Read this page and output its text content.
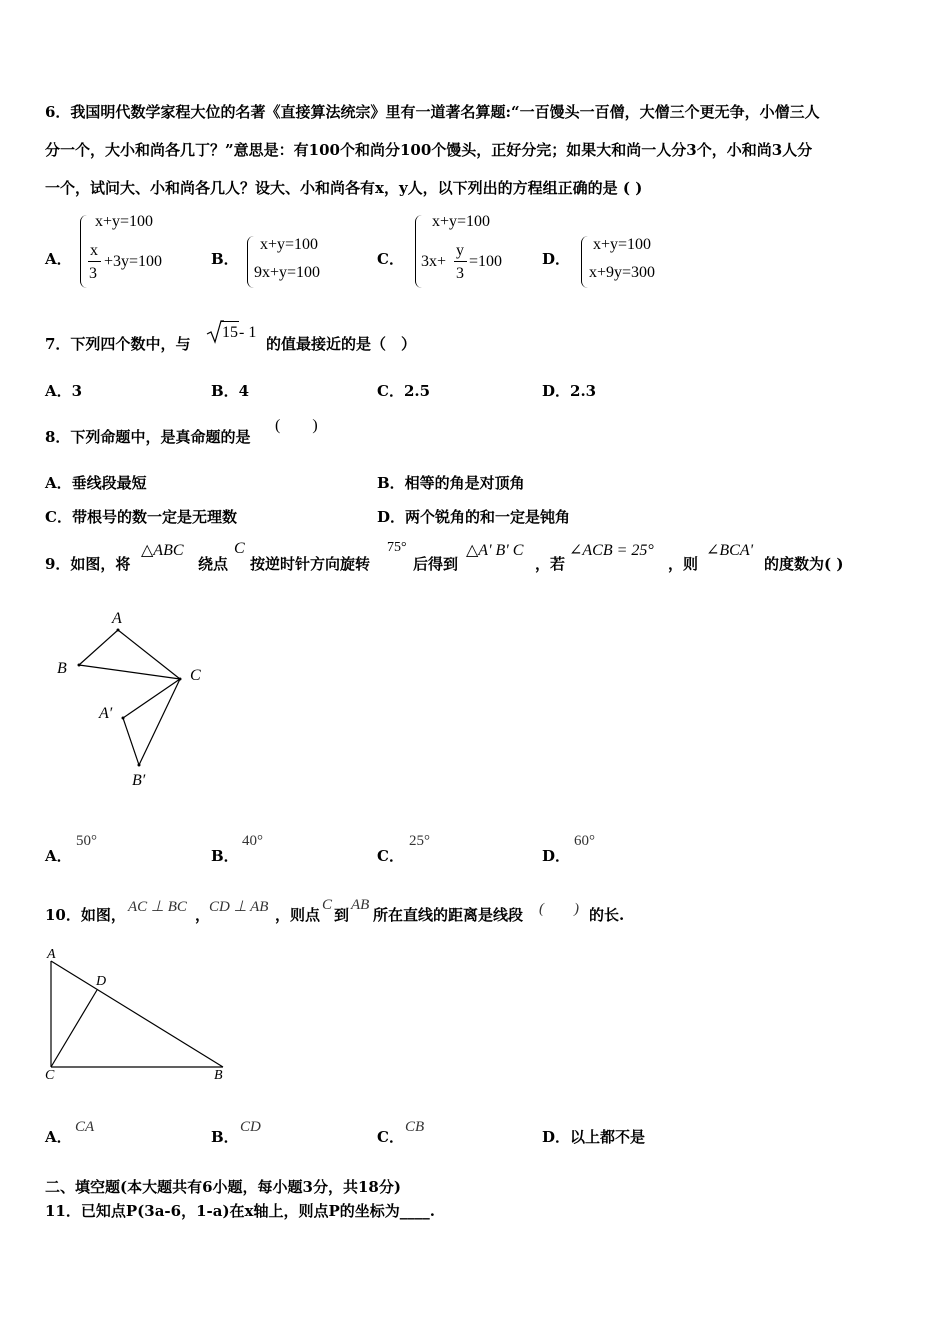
6．我国明代数学家程大位的名著《直接算法统宗》里有一道著名算题:“一百馒头一百僧，大僧三个更无争，小僧三人
分一个，大小和尚各几丁？”意思是：有100个和尚分100个馒头，正好分完；如果大和尚一人分3个，小和尚3人分
一个，试问大、小和尚各几人？设大、小和尚各有x，y人，以下列出的方程组正确的是 ( )
A．
x+y=100
x
3
+3y=100	B．
x+y=100
9x+y=100
C．
x+y=100
3x+
y
3
=100	D．
x+y=100
x+9y=300
7．下列四个数中，与
15 - 1
的值最接近的是（　）
A．3	B．4	C．2.5	D．2.3
8．下列命题中，是真命题的是
(　　)
A．垂线段最短	B．相等的角是对顶角
C．带根号的数一定是无理数	D．两个锐角的和一定是钝角
9．如图，将
△ABC
绕点
C
按逆时针方向旋转
75°
后得到
△A' B' C
，若
∠ACB = 25°
，则
∠BCA'
的度数为( )
A
B	C
A′
B′
A．
50°
B．
40°
C．
25°
D．
60°
10．如图， AC ⊥ BC ，
CD ⊥ AB ，则点
C
到
AB
所在直线的距离是线段 (　　) 的长.
A
D
C	B
A．
CA
B．
CD
C．
CB
D．以上都不是
二、填空题(本大题共有6小题，每小题3分，共18分)
11．已知点P(3a-6，1-a)在x轴上，则点P的坐标为____.
